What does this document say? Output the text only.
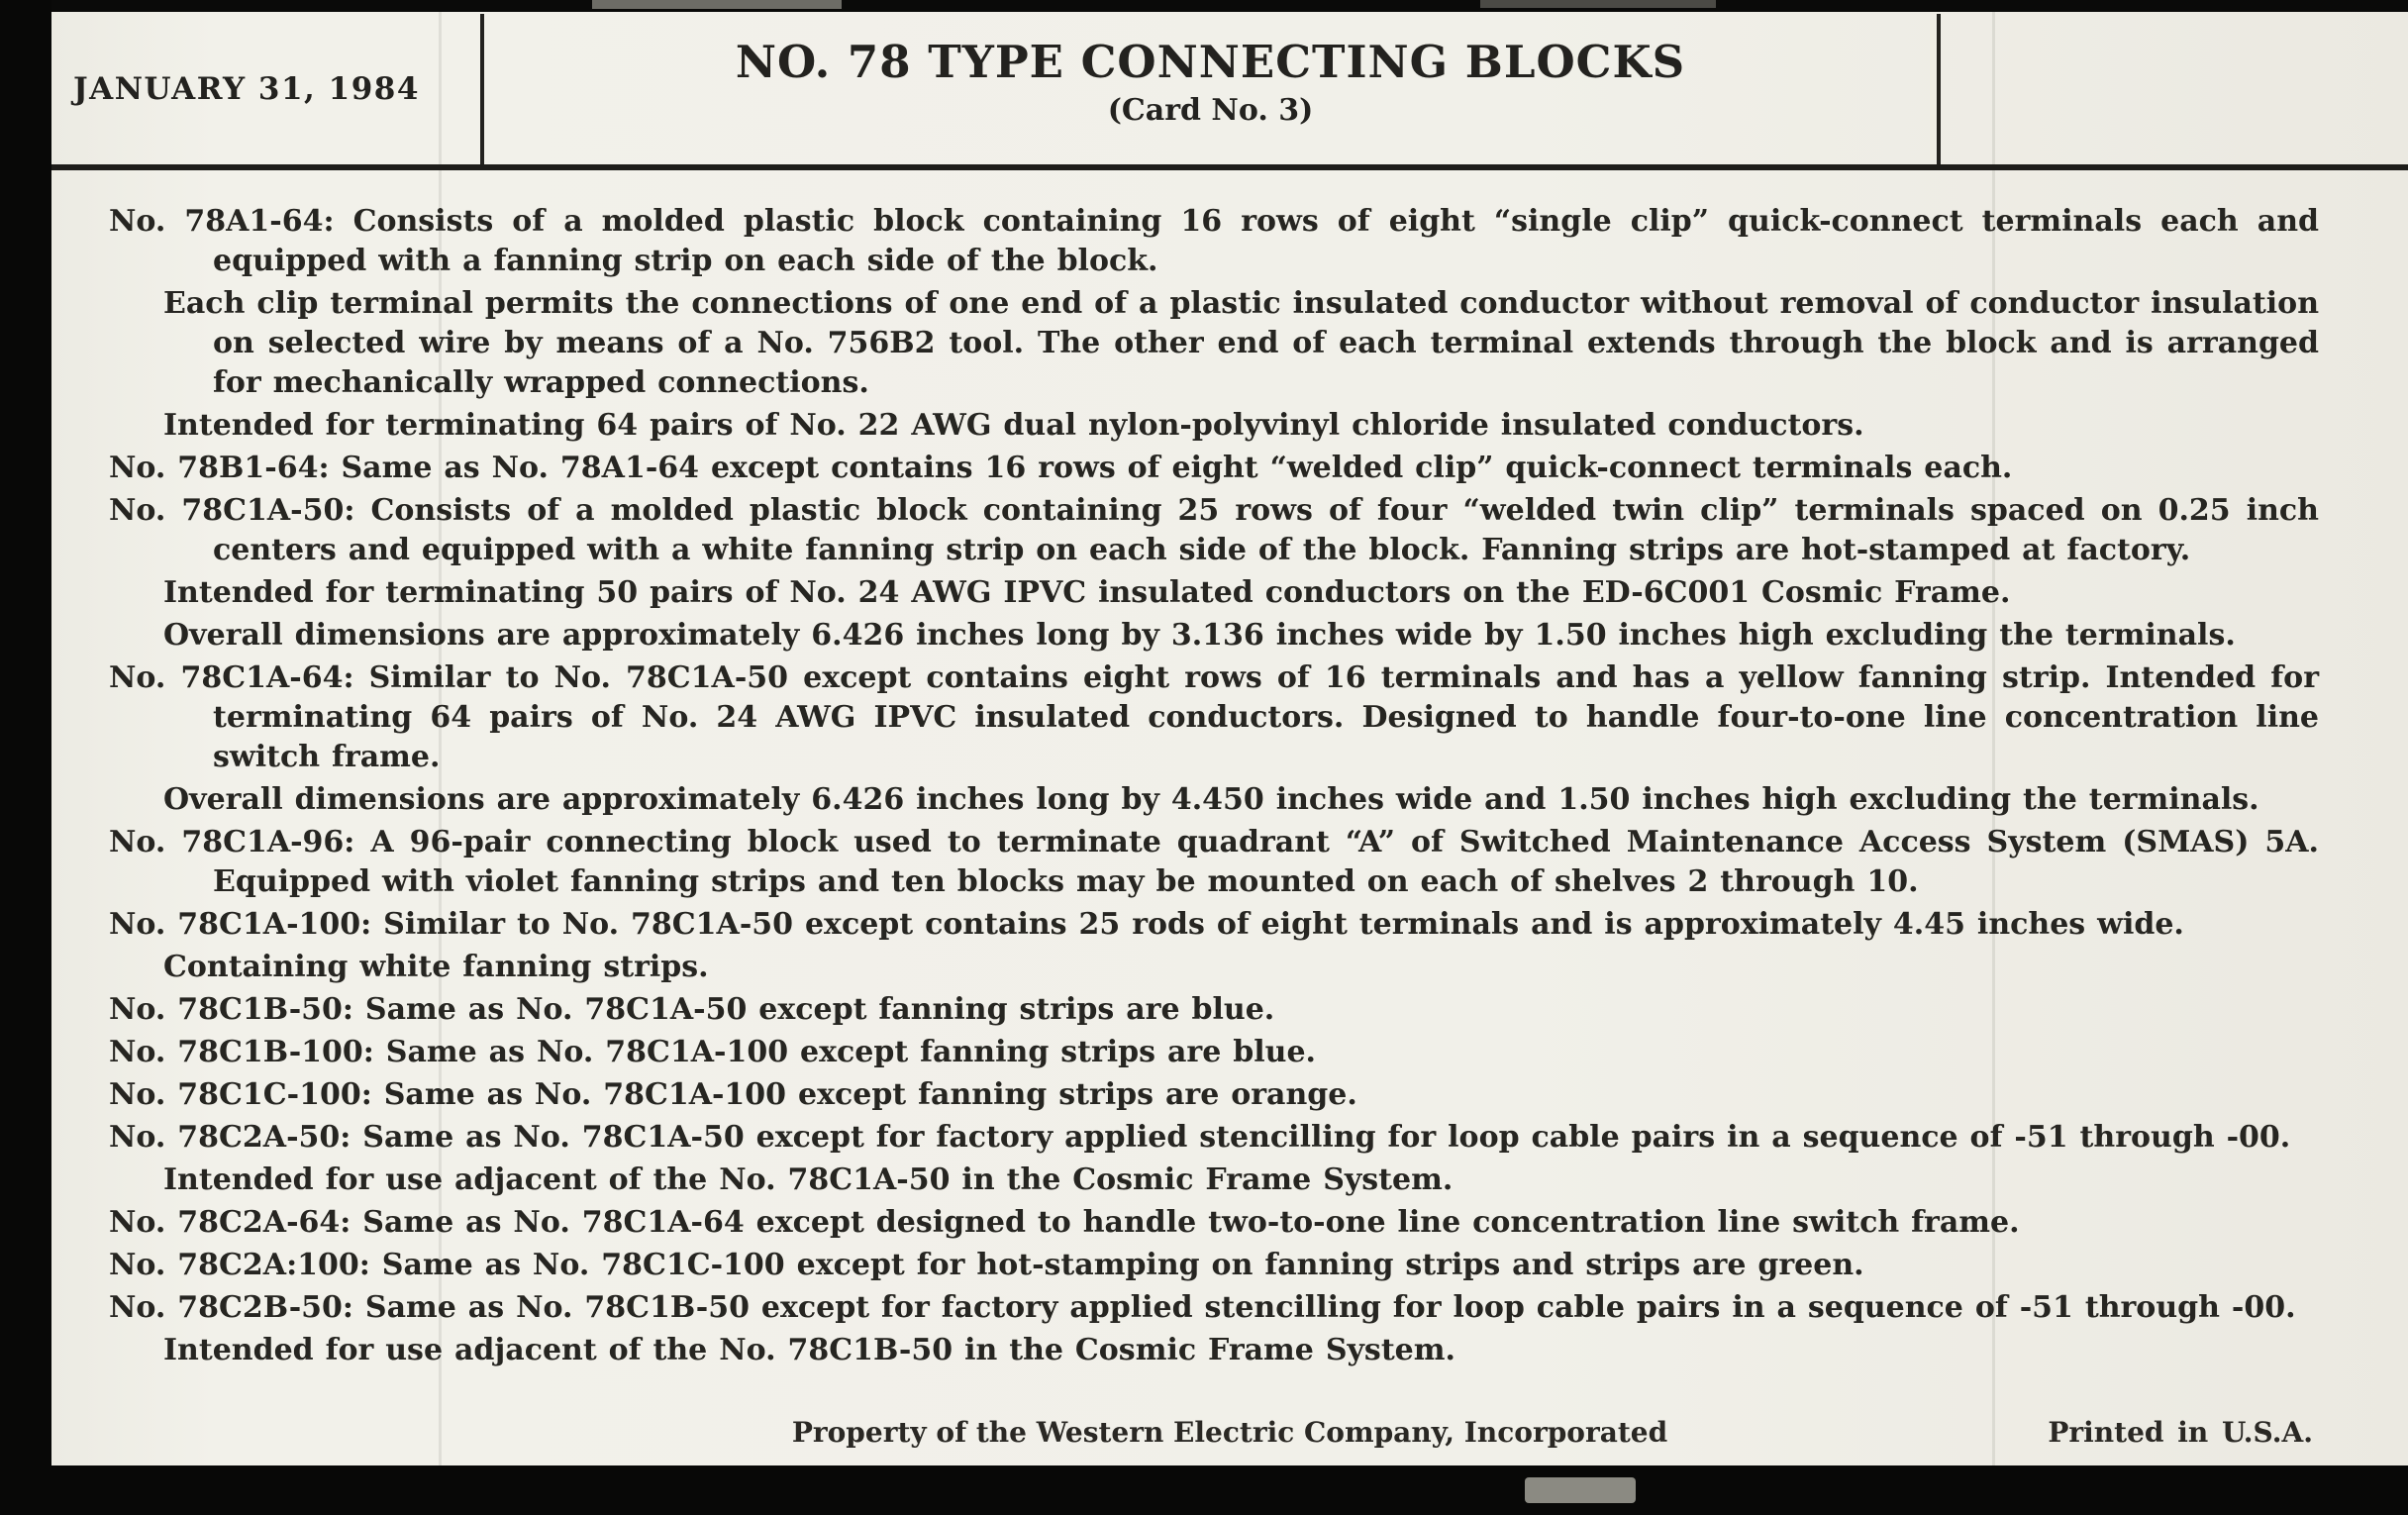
JANUARY 31, 1984
NO. 78 TYPE CONNECTING BLOCKS
(Card No. 3)

No. 78A1-64: Consists of a molded plastic block containing 16 rows of eight “single clip” quick-connect terminals each and equipped with a fanning strip on each side of the block.

Each clip terminal permits the connections of one end of a plastic insulated conductor without removal of conductor insulation on selected wire by means of a No. 756B2 tool. The other end of each terminal extends through the block and is arranged for mechanically wrapped connections.

Intended for terminating 64 pairs of No. 22 AWG dual nylon-polyvinyl chloride insulated conductors.

No. 78B1-64: Same as No. 78A1-64 except contains 16 rows of eight “welded clip” quick-connect terminals each.

No. 78C1A-50: Consists of a molded plastic block containing 25 rows of four “welded twin clip” terminals spaced on 0.25 inch centers and equipped with a white fanning strip on each side of the block. Fanning strips are hot-stamped at factory.

Intended for terminating 50 pairs of No. 24 AWG IPVC insulated conductors on the ED-6C001 Cosmic Frame.

Overall dimensions are approximately 6.426 inches long by 3.136 inches wide by 1.50 inches high excluding the terminals.

No. 78C1A-64: Similar to No. 78C1A-50 except contains eight rows of 16 terminals and has a yellow fanning strip. Intended for terminating 64 pairs of No. 24 AWG IPVC insulated conductors. Designed to handle four-to-one line concentration line switch frame.

Overall dimensions are approximately 6.426 inches long by 4.450 inches wide and 1.50 inches high excluding the terminals.

No. 78C1A-96: A 96-pair connecting block used to terminate quadrant “A” of Switched Maintenance Access System (SMAS) 5A. Equipped with violet fanning strips and ten blocks may be mounted on each of shelves 2 through 10.

No. 78C1A-100: Similar to No. 78C1A-50 except contains 25 rods of eight terminals and is approximately 4.45 inches wide.

Containing white fanning strips.

No. 78C1B-50: Same as No. 78C1A-50 except fanning strips are blue.

No. 78C1B-100: Same as No. 78C1A-100 except fanning strips are blue.

No. 78C1C-100: Same as No. 78C1A-100 except fanning strips are orange.

No. 78C2A-50: Same as No. 78C1A-50 except for factory applied stencilling for loop cable pairs in a sequence of -51 through -00.

Intended for use adjacent of the No. 78C1A-50 in the Cosmic Frame System.

No. 78C2A-64: Same as No. 78C1A-64 except designed to handle two-to-one line concentration line switch frame.

No. 78C2A:100: Same as No. 78C1C-100 except for hot-stamping on fanning strips and strips are green.

No. 78C2B-50: Same as No. 78C1B-50 except for factory applied stencilling for loop cable pairs in a sequence of -51 through -00.

Intended for use adjacent of the No. 78C1B-50 in the Cosmic Frame System.

Property of the Western Electric Company, Incorporated	Printed in U.S.A.
